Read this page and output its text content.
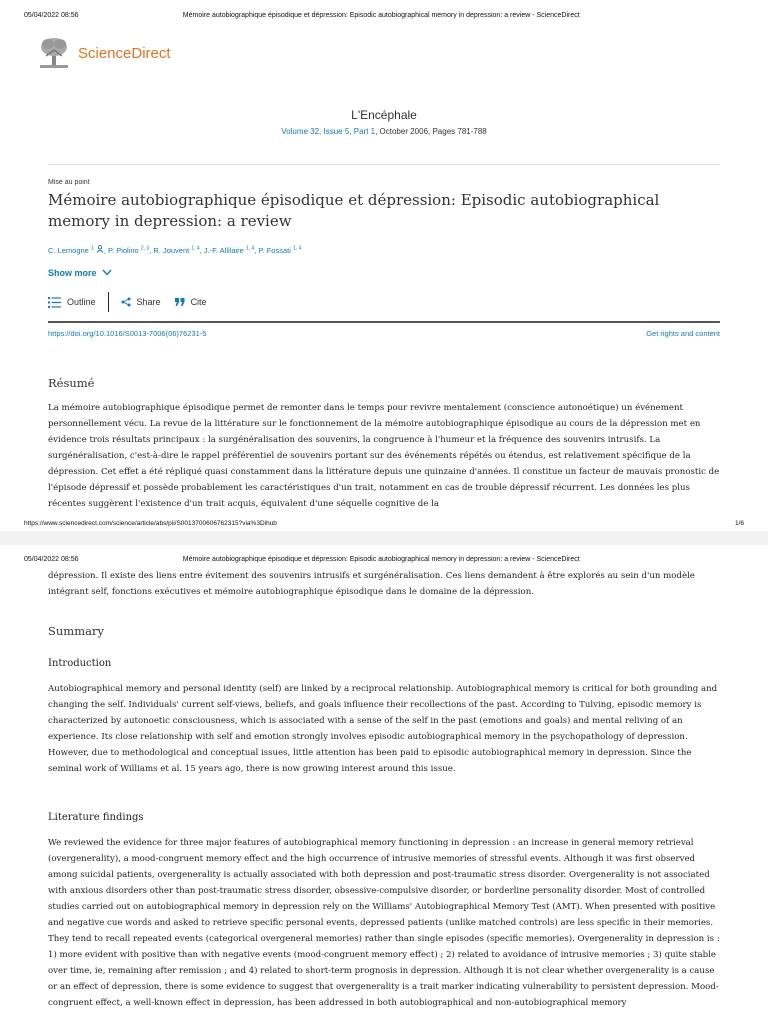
05/04/2022 08:56	Mémoire autobiographique épisodique et dépression: Episodic autobiographical memory in depression: a review - ScienceDirect
ScienceDirect
L'Encéphale
Volume 32, Issue 5, Part 1, October 2006, Pages 781-788
Mise au point
Mémoire autobiographique épisodique et dépression: Episodic autobiographical memory in depression: a review
C. Lemogne $^1$ , P. Piolino $^{2, 3}$, R. Jouvent $^{1, 4}$, J.-F. Allilaire $^{1, 4}$, P. Fossati $^{1, 4}$
Show more
Outline	Share	Cite
https://doi.org/10.1016/S0013-7006(06)76231-5	Get rights and content
Résumé

La mémoire autobiographique épisodique permet de remonter dans le temps pour revivre mentalement (conscience autonoétique) un événement personnellement vécu. La revue de la littérature sur le fonctionnement de la mémoire autobiographique épisodique au cours de la dépression met en évidence trois résultats principaux : la surgénéralisation des souvenirs, la congruence à l'humeur et la fréquence des souvenirs intrusifs. La surgénéralisation, c'est-à-dire le rappel préférentiel de souvenirs portant sur des événements répétés ou étendus, est relativement spécifique de la dépression. Cet effet a été répliqué quasi constamment dans la littérature depuis une quinzaine d'années. Il constitue un facteur de mauvais pronostic de l'épisode dépressif et possède probablement les caractéristiques d'un trait, notamment en cas de trouble dépressif récurrent. Les données les plus récentes suggèrent l'existence d'un trait acquis, équivalent d'une séquelle cognitive de la

https://www.sciencedirect.com/science/article/abs/pii/S001370060676231​5?via%3Dihub	1/6
05/04/2022 08:56	Mémoire autobiographique épisodique et dépression: Episodic autobiographical memory in depression: a review - ScienceDirect

dépression. Il existe des liens entre évitement des souvenirs intrusifs et surgénéralisation. Ces liens demandent à être explorés au sein d'un modèle intégrant self, fonctions exécutives et mémoire autobiographique épisodique dans le domaine de la dépression.

Summary
Introduction

Autobiographical memory and personal identity (self) are linked by a reciprocal relationship. Autobiographical memory is critical for both grounding and changing the self. Individuals' current self-views, beliefs, and goals influence their recollections of the past. According to Tulving, episodic memory is characterized by autonoetic consciousness, which is associated with a sense of the self in the past (emotions and goals) and mental reliving of an experience. Its close relationship with self and emotion strongly involves episodic autobiographical memory in the psychopathology of depression. However, due to methodological and conceptual issues, little attention has been paid to episodic autobiographical memory in depression. Since the seminal work of Williams et al. 15 years ago, there is now growing interest around this issue.

Literature findings

We reviewed the evidence for three major features of autobiographical memory functioning in depression : an increase in general memory retrieval (overgenerality), a mood-congruent memory effect and the high occurrence of intrusive memories of stressful events. Although it was first observed among suicidal patients, overgenerality is actually associated with both depression and post-traumatic stress disorder. Overgenerality is not associated with anxious disorders other than post-traumatic stress disorder, obsessive-compulsive disorder, or borderline personality disorder. Most of controlled studies carried out on autobiographical memory in depression rely on the Williams' Autobiographical Memory Test (AMT). When presented with positive and negative cue words and asked to retrieve specific personal events, depressed patients (unlike matched controls) are less specific in their memories. They tend to recall repeated events (categorical overgeneral memories) rather than single episodes (specific memories). Overgenerality in depression is : 1) more evident with positive than with negative events (mood-congruent memory effect) ; 2) related to avoidance of intrusive memories ; 3) quite stable over time, ie, remaining after remission ; and 4) related to short-term prognosis in depression. Although it is not clear whether overgenerality is a cause or an effect of depression, there is some evidence to suggest that overgenerality is a trait marker indicating vulnerability to persistent depression. Mood-congruent effect, a well-known effect in depression, has been addressed in both autobiographical and non-autobiographical memory
